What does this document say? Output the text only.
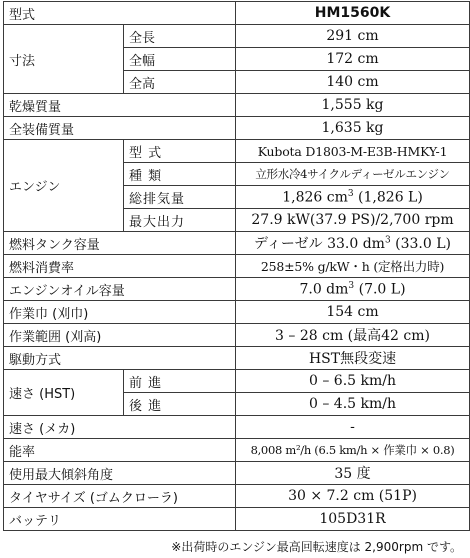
型式		HM1560K
寸法	全長	291 cm
	全幅	172 cm
	全高	140 cm
乾燥質量		1,555 kg
全装備質量		1,635 kg
エンジン	型 式	Kubota D1803-M-E3B-HMKY-1
	種 類	立形水冷4サイクルディーゼルエンジン
	総排気量	1,826 $cm^3$ (1,826 L)
	最大出力	27.9 kW(37.9 PS)/2,700 rpm
燃料タンク容量		ディーゼル 33.0 $dm^3$ (33.0 L)
燃料消費率		258±5% g/kW・h (定格出力時)
エンジンオイル容量		7.0 $dm^3$ (7.0 L)
作業巾 (刈巾)		154 cm
作業範囲 (刈高)		3 – 28 cm (最高42 cm)
駆動方式		HST無段変速
速さ (HST)	前 進	0 – 6.5 km/h
	後 進	0 – 4.5 km/h
速さ (メカ)		-
能率		8,008 m²/h (6.5 km/h × 作業巾 × 0.8)
使用最大傾斜角度		35 度
タイヤサイズ (ゴムクローラ)		30 × 7.2 cm (51P)
バッテリ		105D31R
※出荷時のエンジン最高回転速度は 2,900rpm です。
